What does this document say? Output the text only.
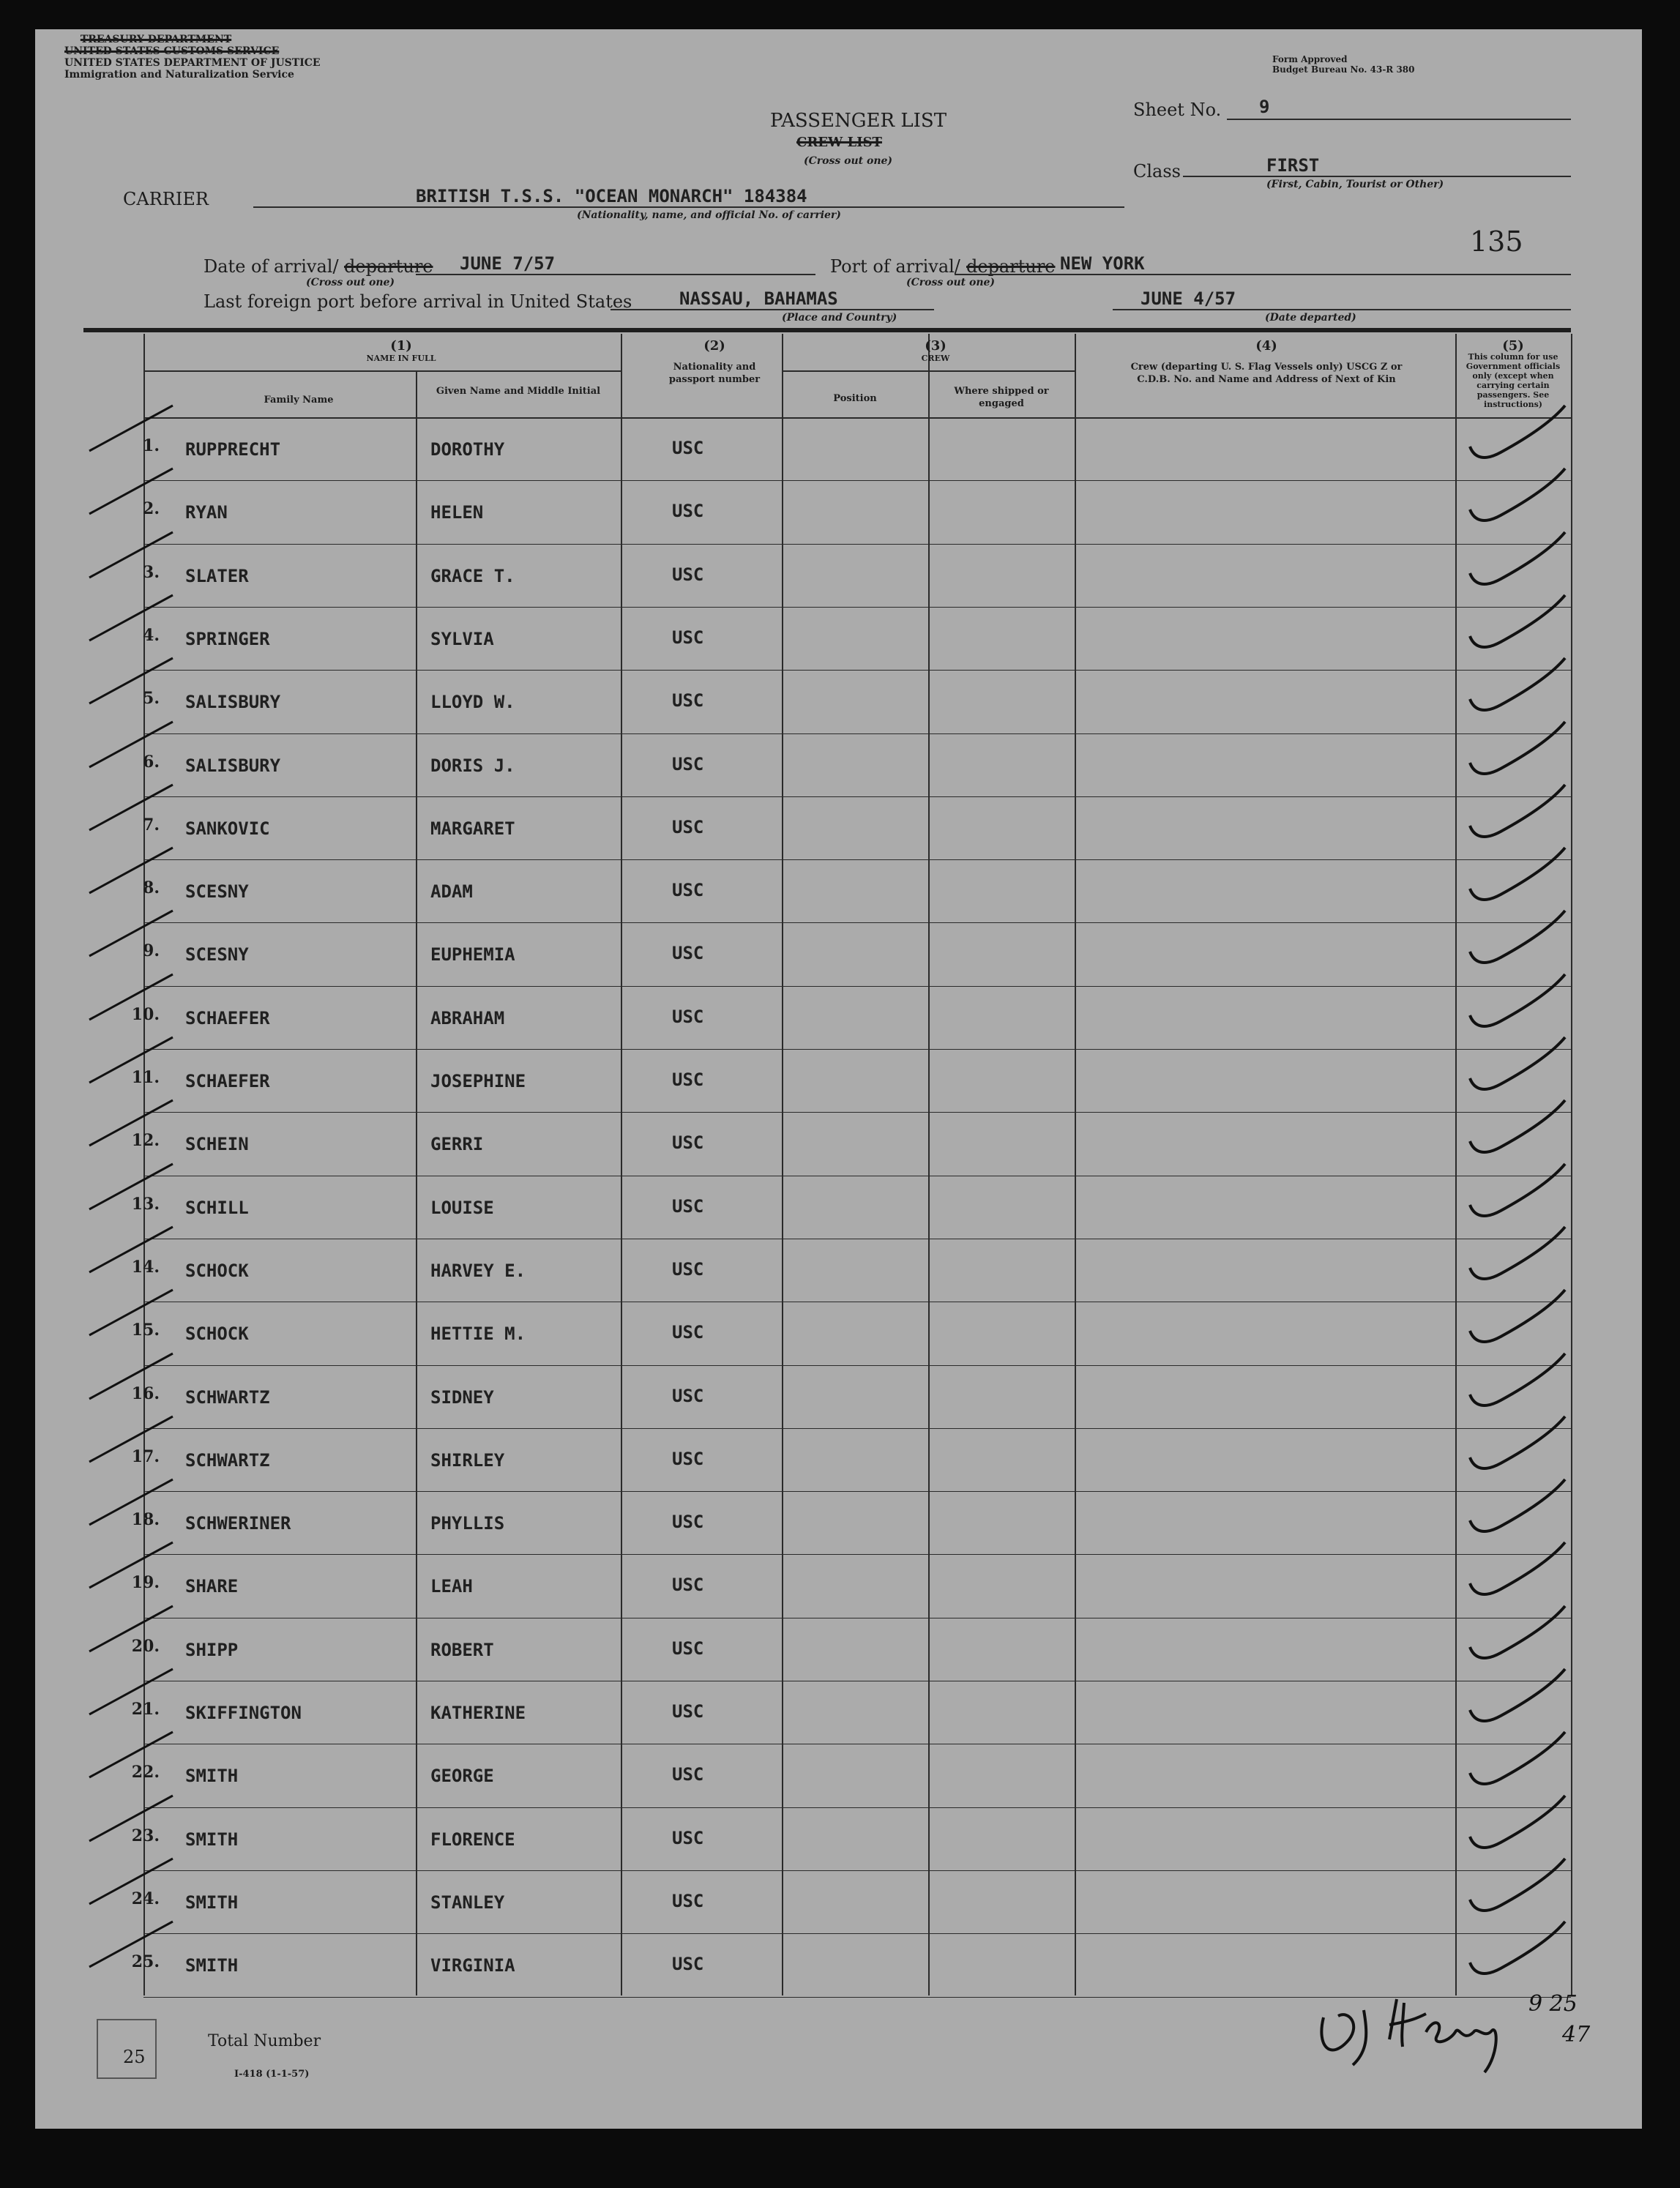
TREASURY DEPARTMENT
UNITED STATES CUSTOMS SERVICE
UNITED STATES DEPARTMENT OF JUSTICE
Immigration and Naturalization Service
Form Approved
Budget Bureau No. 43-R 380
PASSENGER LIST
CREW LIST
(Cross out one)
Sheet No. 9
Class	FIRST
(First, Cabin, Tourist or Other)
CARRIER	BRITISH T.S.S. "OCEAN MONARCH" 184384
(Nationality, name, and official No. of carrier)
135
Date of arrival/ departure JUNE 7/57
(Cross out one)
Port of arrival/ departure NEW YORK
(Cross out one)
Last foreign port before arrival in United States	NASSAU, BAHAMAS
(Place and Country)
JUNE 4/57
(Date departed)
(1)
NAME IN FULL
Family Name
Given Name and Middle Initial
(2)
Nationality and passport number
(3)
CREW
Position
Where shipped or engaged
(4)
Crew (departing U. S. Flag Vessels only) USCG Z or C.D.B. No. and Name and Address of Next of Kin
(5)
This column for use Government officials only (except when carrying certain passengers. See instructions)
1. RUPPRECHT	DOROTHY	USC
2. RYAN	HELEN	USC
3. SLATER	GRACE T.	USC
4. SPRINGER	SYLVIA	USC
5. SALISBURY	LLOYD W.	USC
6. SALISBURY	DORIS J.	USC
7. SANKOVIC	MARGARET	USC
8. SCESNY	ADAM	USC
9. SCESNY	EUPHEMIA	USC
10. SCHAEFER	ABRAHAM	USC
11. SCHAEFER	JOSEPHINE	USC
12. SCHEIN	GERRI	USC
13. SCHILL	LOUISE	USC
14. SCHOCK	HARVEY E.	USC
15. SCHOCK	HETTIE M.	USC
16. SCHWARTZ	SIDNEY	USC
17. SCHWARTZ	SHIRLEY	USC
18. SCHWERINER	PHYLLIS	USC
19. SHARE	LEAH	USC
20. SHIPP	ROBERT	USC
21. SKIFFINGTON	KATHERINE	USC
22. SMITH	GEORGE	USC
23. SMITH	FLORENCE	USC
24. SMITH	STANLEY	USC
25. SMITH	VIRGINIA	USC
25
Total Number
I-418 (1-1-57)
9 25
47
